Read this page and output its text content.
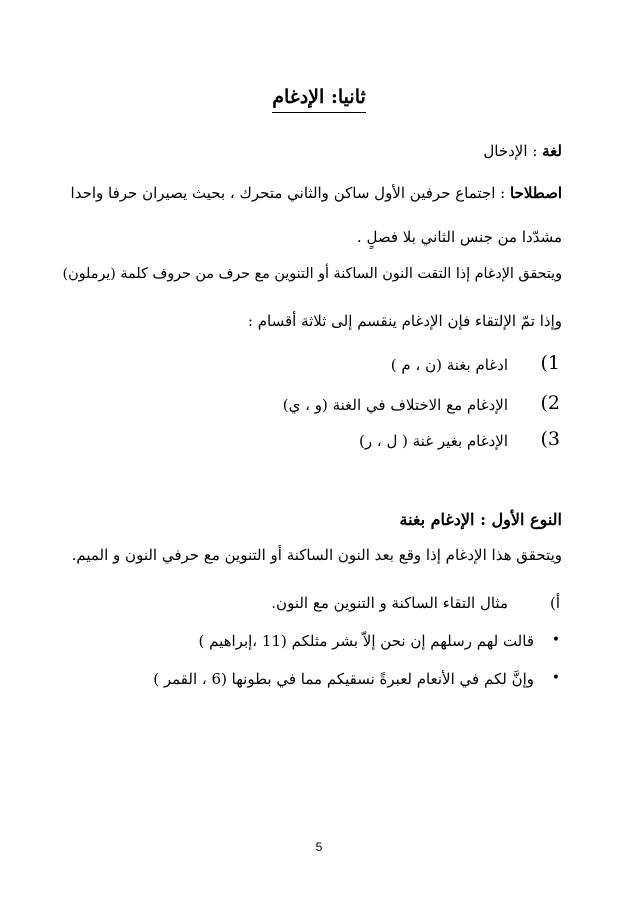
ثانيا: الإدغام
لغة : الإدخال
اصطلاحا : اجتماع حرفين الأول ساكن والثاني متحرك ، بحيث يصيران حرفا واحدا
مشدّدا من جنس الثاني بلا فصلٍ .
ويتحقق الإدغام إذا التقت النون الساكنة أو التنوين مع حرف من حروف كلمة (يرملون)
وإذا تمّ الإلتقاء فإن الإدغام ينقسم إلى ثلاثة أقسام :
1)
ادغام بغنة (ن ، م )
2)
الإدغام مع الاختلاف في الغنة (و ، ي)
3)
الإدغام بغير غنة ( ل ، ر)
النوع الأول : الإدغام بغنة
ويتحقق هذا الإدغام إذا وقع بعد النون الساكنة أو التنوين مع حرفي النون و الميم.
أ)
مثال التقاء الساكنة و التنوين مع النون.
•
قالت لهم رسلهم إن نحن إلاّ بشر مثلكم (11 ،إبراهيم )
•
وإنَّ لكم في الأنعام لعبرةً نسقيكم مما في بطونها (6 ، القمر )
5
